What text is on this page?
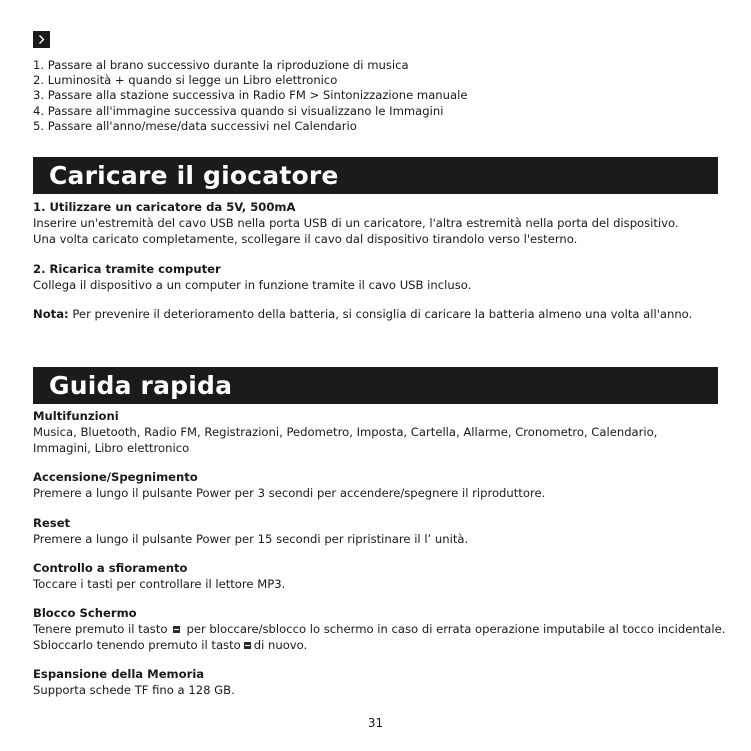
1. Passare al brano successivo durante la riproduzione di musica
2. Luminosità + quando si legge un Libro elettronico
3. Passare alla stazione successiva in Radio FM > Sintonizzazione manuale
4. Passare all'immagine successiva quando si visualizzano le Immagini
5. Passare all'anno/mese/data successivi nel Calendario
Caricare il giocatore

1. Utilizzare un caricatore da 5V, 500mA

Inserire un'estremità del cavo USB nella porta USB di un caricatore, l'altra estremità nella porta del dispositivo.

Una volta caricato completamente, scollegare il cavo dal dispositivo tirandolo verso l'esterno.

2. Ricarica tramite computer

Collega il dispositivo a un computer in funzione tramite il cavo USB incluso.

Nota: Per prevenire il deterioramento della batteria, si consiglia di caricare la batteria almeno una volta all'anno.

Guida rapida

Multifunzioni

Musica, Bluetooth, Radio FM, Registrazioni, Pedometro, Imposta, Cartella, Allarme, Cronometro, Calendario,

Immagini, Libro elettronico

Accensione/Spegnimento

Premere a lungo il pulsante Power per 3 secondi per accendere/spegnere il riproduttore.

Reset

Premere a lungo il pulsante Power per 15 secondi per ripristinare il l’ unità.

Controllo a sfioramento

Toccare i tasti per controllare il lettore MP3.

Blocco Schermo

Tenere premuto il tasto per bloccare/sblocco lo schermo in caso di errata operazione imputabile al tocco incidentale.

Sbloccarlo tenendo premuto il tasto di nuovo.

Espansione della Memoria

Supporta schede TF fino a 128 GB.

31
